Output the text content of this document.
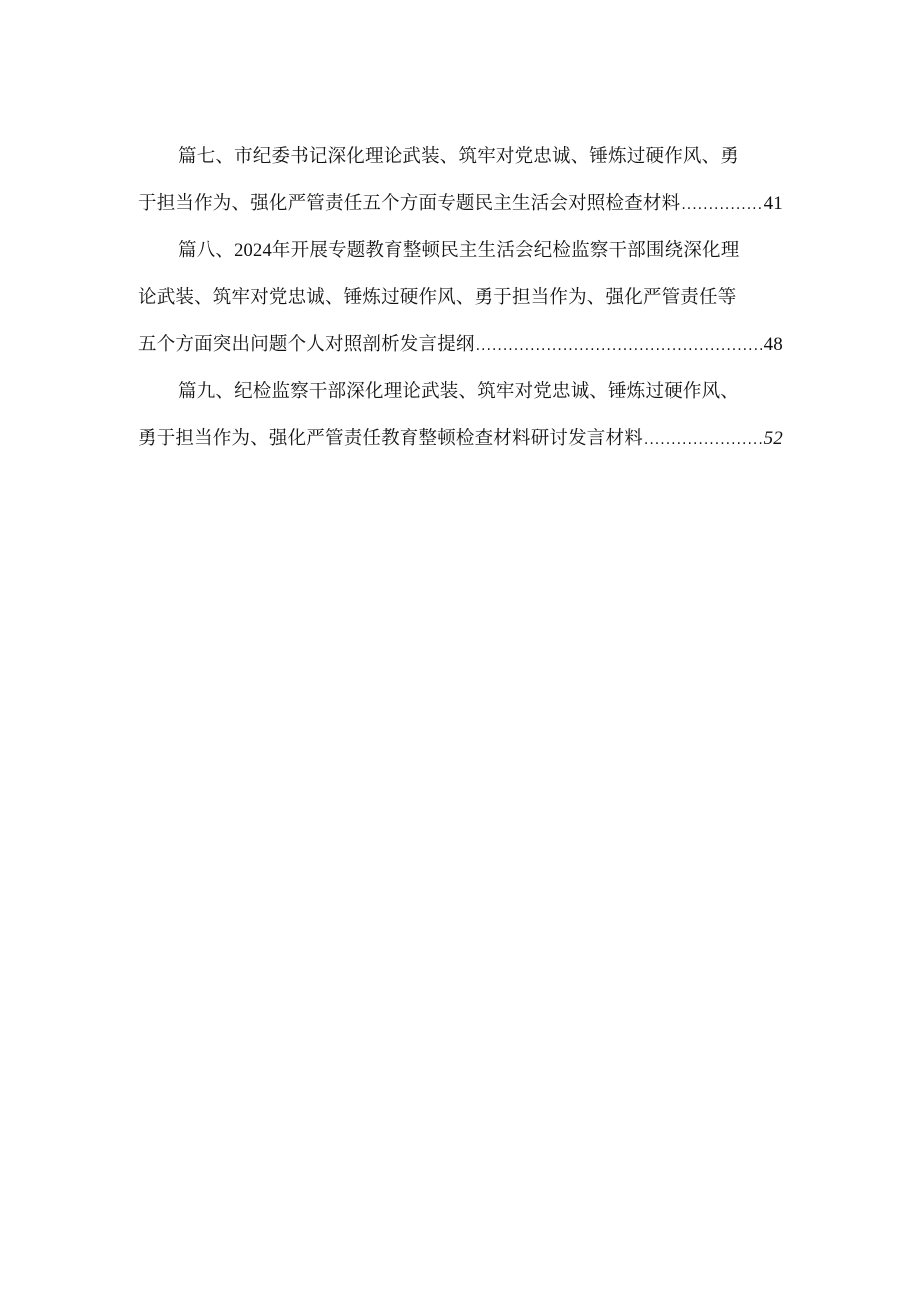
篇七、市纪委书记深化理论武装、筑牢对党忠诚、锤炼过硬作风、勇
于担当作为、强化严管责任五个方面专题民主生活会对照检查材料 .....	41
篇八、2024年开展专题教育整顿民主生活会纪检监察干部围绕深化理
论武装、筑牢对党忠诚、锤炼过硬作风、勇于担当作为、强化严管责任等
五个方面突出问题个人对照剖析发言提纲 .....	48
篇九、纪检监察干部深化理论武装、筑牢对党忠诚、锤炼过硬作风、
勇于担当作为、强化严管责任教育整顿检查材料研讨发言材料 .....	52
